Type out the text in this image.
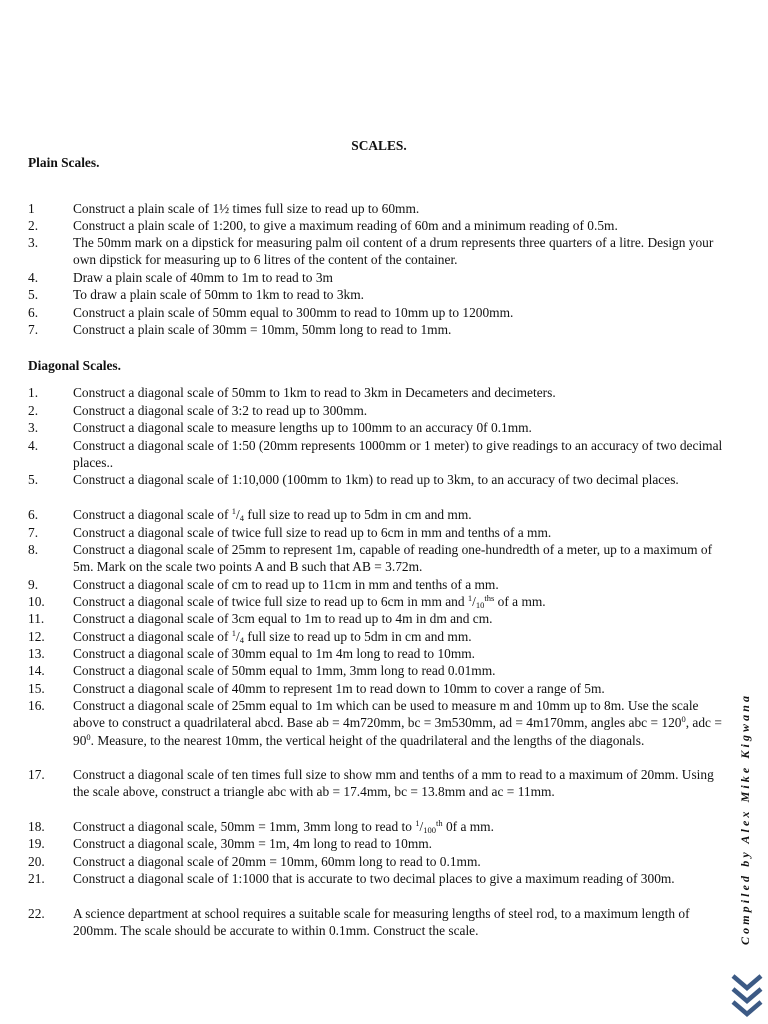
SCALES.
Plain Scales.
1	Construct a plain scale of 1½ times full size to read up to 60mm.
2.	Construct a plain scale of 1:200, to give a maximum reading of 60m and a minimum reading of 0.5m.
3.	The 50mm mark on a dipstick for measuring palm oil content of a drum represents three quarters of a litre. Design your own dipstick for measuring up to 6 litres of the content of the container.
4.	Draw a plain scale of 40mm to 1m to read to 3m
5.	To draw a plain scale of 50mm to 1km to read to 3km.
6.	Construct a plain scale of 50mm equal to 300mm to read to 10mm up to 1200mm.
7.	Construct a plain scale of 30mm = 10mm, 50mm long to read to 1mm.
Diagonal Scales.
1.	Construct a diagonal scale of 50mm to 1km to read to 3km in Decameters and decimeters.
2.	Construct a diagonal scale of 3:2 to read up to 300mm.
3.	Construct a diagonal scale to measure lengths up to 100mm to an accuracy 0f 0.1mm.
4.	Construct a diagonal scale of 1:50 (20mm represents 1000mm or 1 meter) to give readings to an accuracy of two decimal places..
5.	Construct a diagonal scale of 1:10,000 (100mm to 1km) to read up to 3km, to an accuracy of two decimal places.
6.	Construct a diagonal scale of $^1/_4$ full size to read up to 5dm in cm and mm.
7.	Construct a diagonal scale of twice full size to read up to 6cm in mm and tenths of a mm.
8.	Construct a diagonal scale of 25mm to represent 1m, capable of reading one-hundredth of a meter, up to a maximum of 5m. Mark on the scale two points A and B such that AB = 3.72m.
9.	Construct a diagonal scale of cm to read up to 11cm in mm and tenths of a mm.
10. Construct a diagonal scale of twice full size to read up to 6cm in mm and $^1/_{10}^{ths}$ of a mm.
11. Construct a diagonal scale of 3cm equal to 1m to read up to 4m in dm and cm.
12. Construct a diagonal scale of $^1/_4$ full size to read up to 5dm in cm and mm.
13. Construct a diagonal scale of 30mm equal to 1m 4m long to read to 10mm.
14. Construct a diagonal scale of 50mm equal to 1mm, 3mm long to read 0.01mm.
15. Construct a diagonal scale of 40mm to represent 1m to read down to 10mm to cover a range of 5m.
16. Construct a diagonal scale of 25mm equal to 1m which can be used to measure m and 10mm up to 8m. Use the scale above to construct a quadrilateral abcd. Base ab = 4m720mm, bc = 3m530mm, ad = 4m170mm, angles abc = $120^0$, adc = $90^0$. Measure, to the nearest 10mm, the vertical height of the quadrilateral and the lengths of the diagonals.
17. Construct a diagonal scale of ten times full size to show mm and tenths of a mm to read to a maximum of 20mm. Using the scale above, construct a triangle abc with ab = 17.4mm, bc = 13.8mm and ac = 11mm.
18. Construct a diagonal scale, 50mm = 1mm, 3mm long to read to $^1/_{100}^{th}$ 0f a mm.
19. Construct a diagonal scale, 30mm = 1m, 4m long to read to 10mm.
20. Construct a diagonal scale of 20mm = 10mm, 60mm long to read to 0.1mm.
21. Construct a diagonal scale of 1:1000 that is accurate to two decimal places to give a maximum reading of 300m.
22. A science department at school requires a suitable scale for measuring lengths of steel rod, to a maximum length of 200mm. The scale should be accurate to within 0.1mm. Construct the scale.	Compiled by Alex Mike Kigwana
